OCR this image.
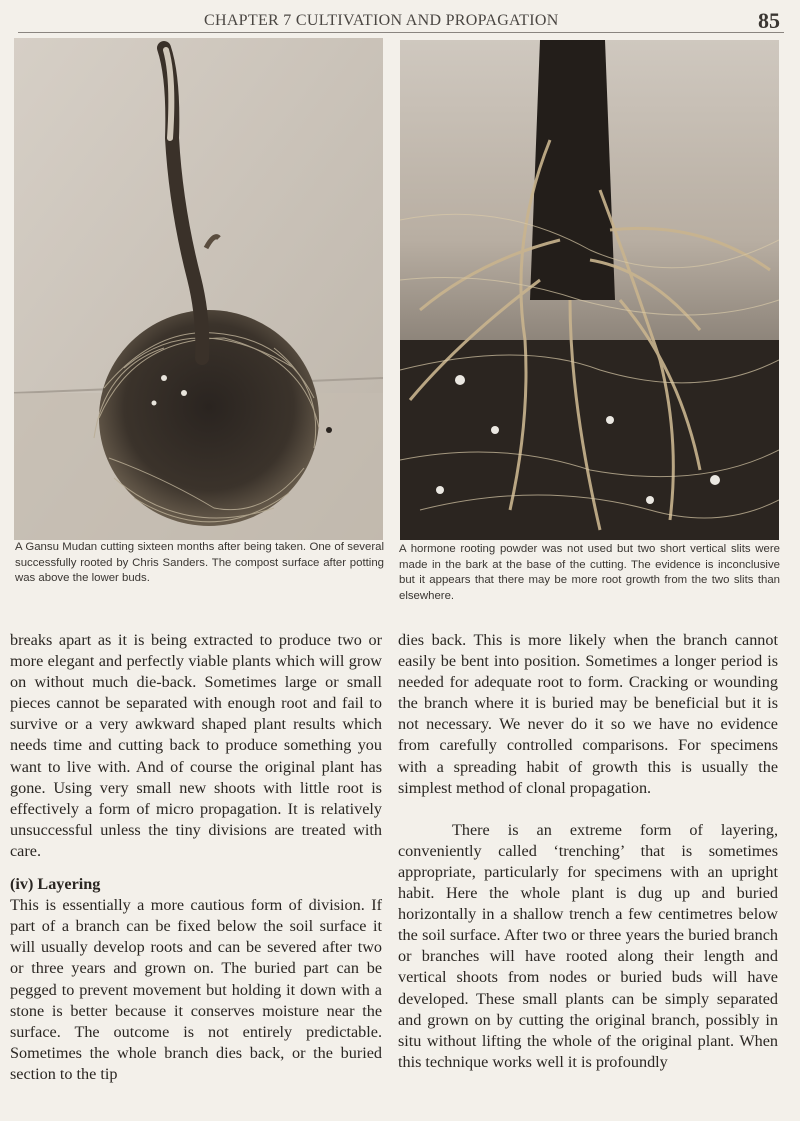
CHAPTER 7 CULTIVATION AND PROPAGATION	85
A Gansu Mudan cutting sixteen months after being taken. One of several successfully rooted by Chris Sanders. The compost surface after potting was above the lower buds.
A hormone rooting powder was not used but two short vertical slits were made in the bark at the base of the cutting. The evidence is inconclusive but it appears that there may be more root growth from the two slits than elsewhere.

breaks apart as it is being extracted to produce two or more elegant and perfectly viable plants which will grow on without much die-back. Sometimes large or small pieces cannot be separated with enough root and fail to survive or a very awkward shaped plant results which needs time and cutting back to produce something you want to live with. And of course the original plant has gone. Using very small new shoots with little root is effectively a form of micro propagation. It is relatively unsuccessful unless the tiny divisions are treated with care.

(iv) Layering

This is essentially a more cautious form of division. If part of a branch can be fixed below the soil surface it will usually develop roots and can be severed after two or three years and grown on. The buried part can be pegged to prevent movement but holding it down with a stone is better because it conserves moisture near the surface. The outcome is not entirely predictable. Sometimes the whole branch dies back, or the buried section to the tip

dies back. This is more likely when the branch cannot easily be bent into position. Sometimes a longer period is needed for adequate root to form. Cracking or wounding the branch where it is buried may be beneficial but it is not necessary. We never do it so we have no evidence from carefully controlled comparisons. For specimens with a spreading habit of growth this is usually the simplest method of clonal propagation.

There is an extreme form of layering, conveniently called ‘trenching’ that is sometimes appropriate, particularly for specimens with an upright habit. Here the whole plant is dug up and buried horizontally in a shallow trench a few centimetres below the soil surface. After two or three years the buried branch or branches will have rooted along their length and vertical shoots from nodes or buried buds will have developed. These small plants can be simply separated and grown on by cutting the original branch, possibly in situ without lifting the whole of the original plant. When this technique works well it is profoundly
